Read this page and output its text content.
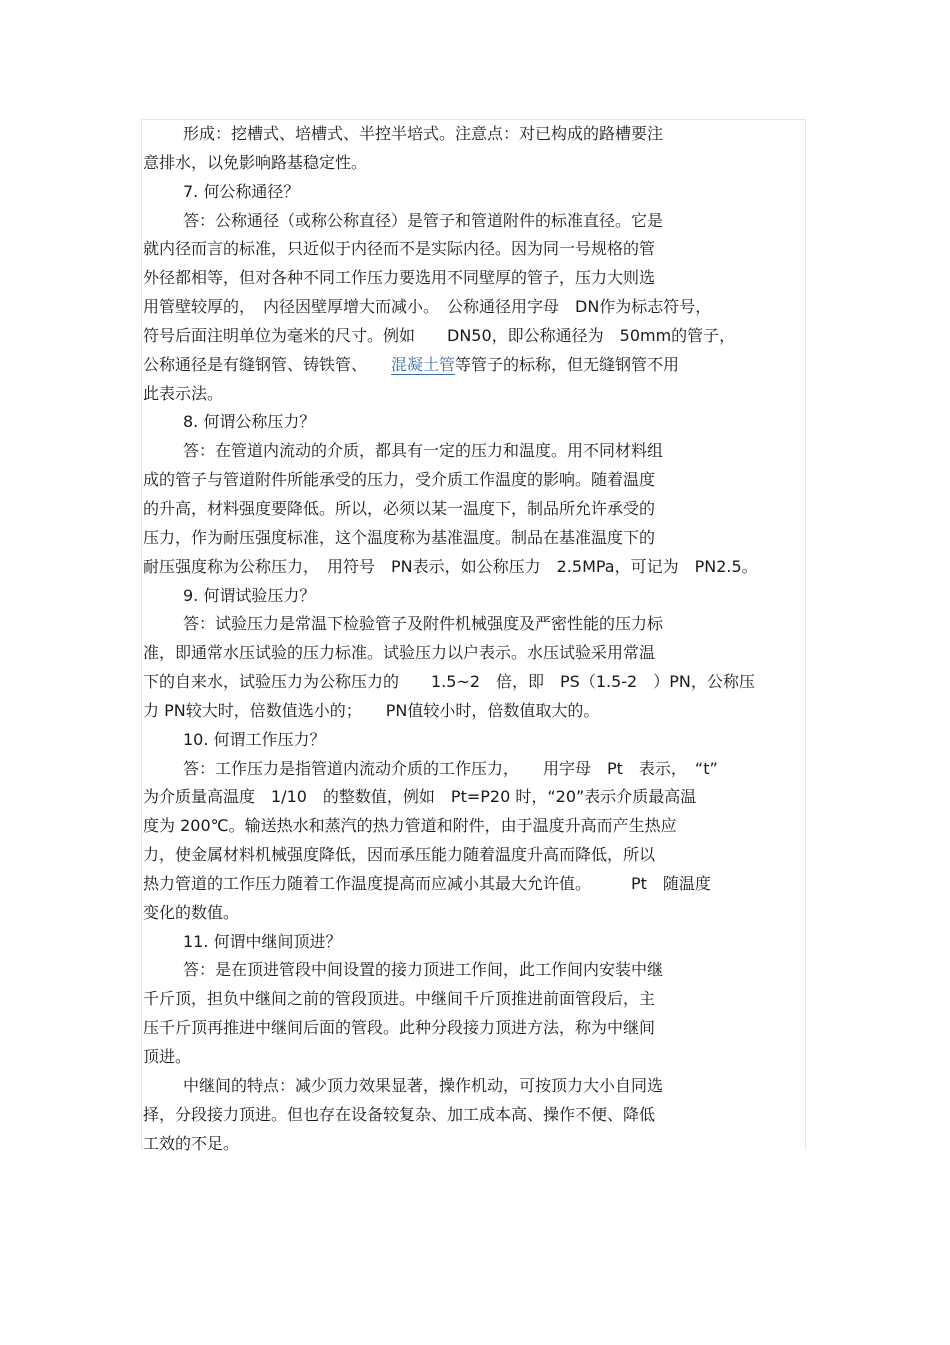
形成：挖槽式、培槽式、半控半培式。注意点：对已构成的路槽要注
意排水，以免影响路基稳定性。
7. 何公称通径？
答：公称通径（或称公称直径）是管子和管道附件的标准直径。它是
就内径而言的标准，只近似于内径而不是实际内径。因为同一号规格的管
外径都相等，但对各种不同工作压力要选用不同壁厚的管子，压力大则选
用管壁较厚的，　内径因壁厚增大而减小。　公称通径用字母　DN作为标志符号，
符号后面注明单位为毫米的尺寸。例如　　DN50，即公称通径为　50mm的管子，
公称通径是有缝钢管、铸铁管、　　混凝土管等管子的标称，但无缝钢管不用
此表示法。
8. 何谓公称压力？
答：在管道内流动的介质，都具有一定的压力和温度。用不同材料组
成的管子与管道附件所能承受的压力，受介质工作温度的影响。随着温度
的升高，材料强度要降低。所以，必须以某一温度下，制品所允许承受的
压力，作为耐压强度标准，这个温度称为基准温度。制品在基准温度下的
耐压强度称为公称压力，　用符号　PN表示，如公称压力　2.5MPa，可记为　PN2.5。
9. 何谓试验压力？
答：试验压力是常温下检验管子及附件机械强度及严密性能的压力标
准，即通常水压试验的压力标准。试验压力以户表示。水压试验采用常温
下的自来水，试验压力为公称压力的　　1.5~2　倍，即　PS（1.5-2　）PN，公称压
力 PN较大时，倍数值选小的；　　PN值较小时，倍数值取大的。
10. 何谓工作压力？
答：工作压力是指管道内流动介质的工作压力，　　用字母　Pt　表示，　“t”
为介质量高温度　1/10　的整数值，例如　Pt=P20 时，“20”表示介质最高温
度为 200℃。输送热水和蒸汽的热力管道和附件，由于温度升高而产生热应
力，使金属材料机械强度降低，因而承压能力随着温度升高而降低，所以
热力管道的工作压力随着工作温度提高而应减小其最大允许值。　　　Pt　随温度
变化的数值。
11. 何谓中继间顶进？
答：是在顶进管段中间设置的接力顶进工作间，此工作间内安装中继
千斤顶，担负中继间之前的管段顶进。中继间千斤顶推进前面管段后，主
压千斤顶再推进中继间后面的管段。此种分段接力顶进方法，称为中继间
顶进。
中继间的特点：减少顶力效果显著，操作机动，可按顶力大小自同选
择，分段接力顶进。但也存在设备较复杂、加工成本高、操作不便、降低
工效的不足。
